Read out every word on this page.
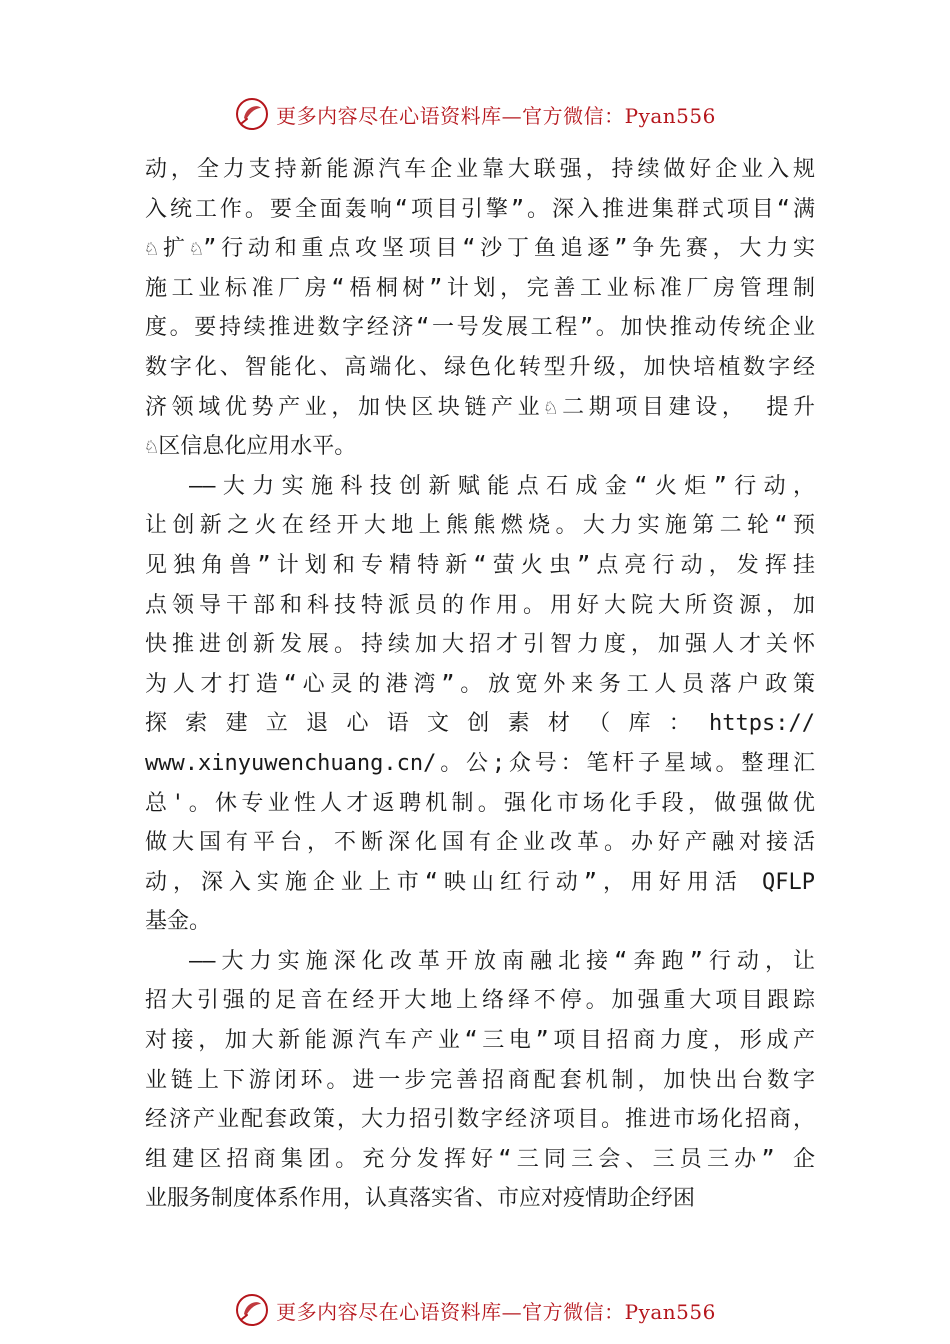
更多内容尽在心语资料库—官方微信：Pyan556
动，全力支持新能源汽车企业靠大联强，持续做好企业入规
入统工作。要全面轰响“项目引擎”。深入推进集群式项目“满
♘扩♘”行动和重点攻坚项目“沙丁鱼追逐”争先赛，大力实
施工业标准厂房“梧桐树”计划，完善工业标准厂房管理制
度。要持续推进数字经济“一号发展工程”。加快推动传统企业
数字化、智能化、高端化、绿色化转型升级，加快培植数字经
济领域优势产业，加快区块链产业♘二期项目建设， 提升
♘区信息化应用水平。
——大力实施科技创新赋能点石成金“火炬”行动，
让创新之火在经开大地上熊熊燃烧。大力实施第二轮“预
见独角兽”计划和专精特新“萤火虫”点亮行动，发挥挂
点领导干部和科技特派员的作用。用好大院大所资源，加
快推进创新发展。持续加大招才引智力度，加强人才关怀
为人才打造“心灵的港湾”。放宽外来务工人员落户政策
探索建立退心语文创素材（库：https://
www.xinyuwenchuang.cn/。公;众号：笔杆子星域。整理汇
总'。休专业性人才返聘机制。强化市场化手段，做强做优
做大国有平台，不断深化国有企业改革。办好产融对接活
动，深入实施企业上市“映山红行动”，用好用活 QFLP
基金。
——大力实施深化改革开放南融北接“奔跑”行动，让
招大引强的足音在经开大地上络绎不停。加强重大项目跟踪
对接，加大新能源汽车产业“三电”项目招商力度，形成产
业链上下游闭环。进一步完善招商配套机制，加快出台数字
经济产业配套政策，大力招引数字经济项目。推进市场化招商，
组建区招商集团。充分发挥好“三同三会、三员三办” 企
业服务制度体系作用，认真落实省、市应对疫情助企纾困
更多内容尽在心语资料库—官方微信：Pyan556
